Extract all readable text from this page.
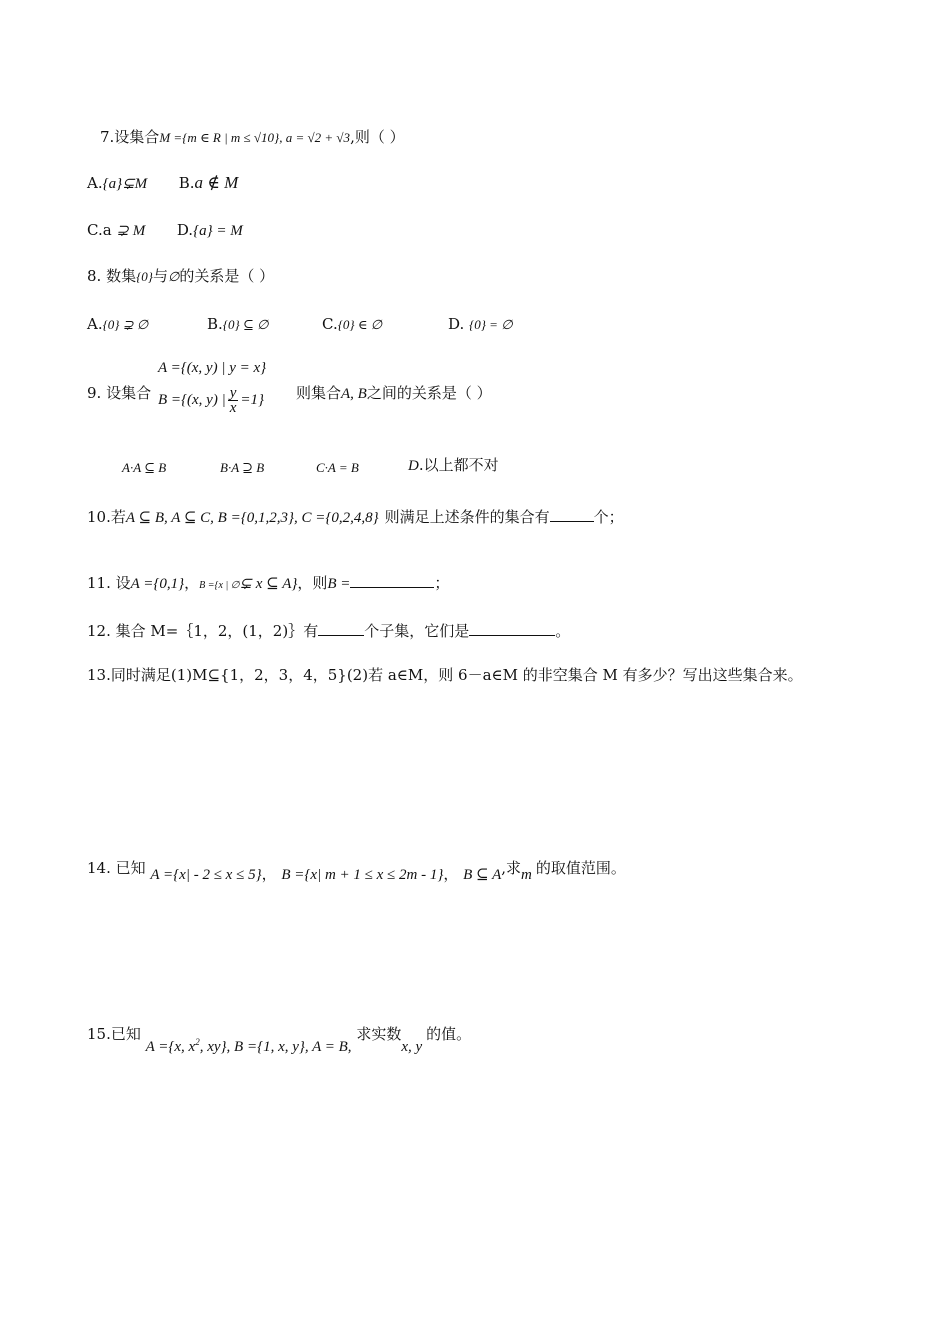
7.设集合M ={m ∈ R | m ≤ √10}, a = √2 + √3,则（ ）
A.{a}⊊M B.a ∉ M
C.a ⊋ M D.{a} = M
8. 数集{0}与∅的关系是（ ）
A.{0} ⊋ ∅	B.{0} ⊆ ∅	C.{0} ∈ ∅	D. {0} = ∅
9. 设集合
A ={(x, y) | y = x}
B ={(x, y) | $\frac{y}{x} =1$} 则集合A, B之间的关系是（ ）
A·A ⊆ B	B·A ⊇ B	C·A = B	D.以上都不对
10.若A ⊆ B, A ⊆ C, B ={0,1,2,3}, C ={0,2,4,8} 则满足上述条件的集合有	个；
11. 设A ={0,1}，B ={x | ∅⊊ x ⊆ A}，则B =	；
12. 集合 M=｛1，2，(1，2)｝有	个子集，它们是	。
13.同时满足(1)M⊆{1，2，3，4，5}(2)若 a∈M，则 6－a∈M 的非空集合 M 有多少？写出这些集合来。
14. 已知 A ={x| - 2 ≤ x ≤ 5}， B ={x| m + 1 ≤ x ≤ 2m - 1}， B ⊆ A,求m 的取值范围。
15.已知 A ={x, $x^2$, xy}, B ={1, x, y}, A = B, 求实数x, y的值。
